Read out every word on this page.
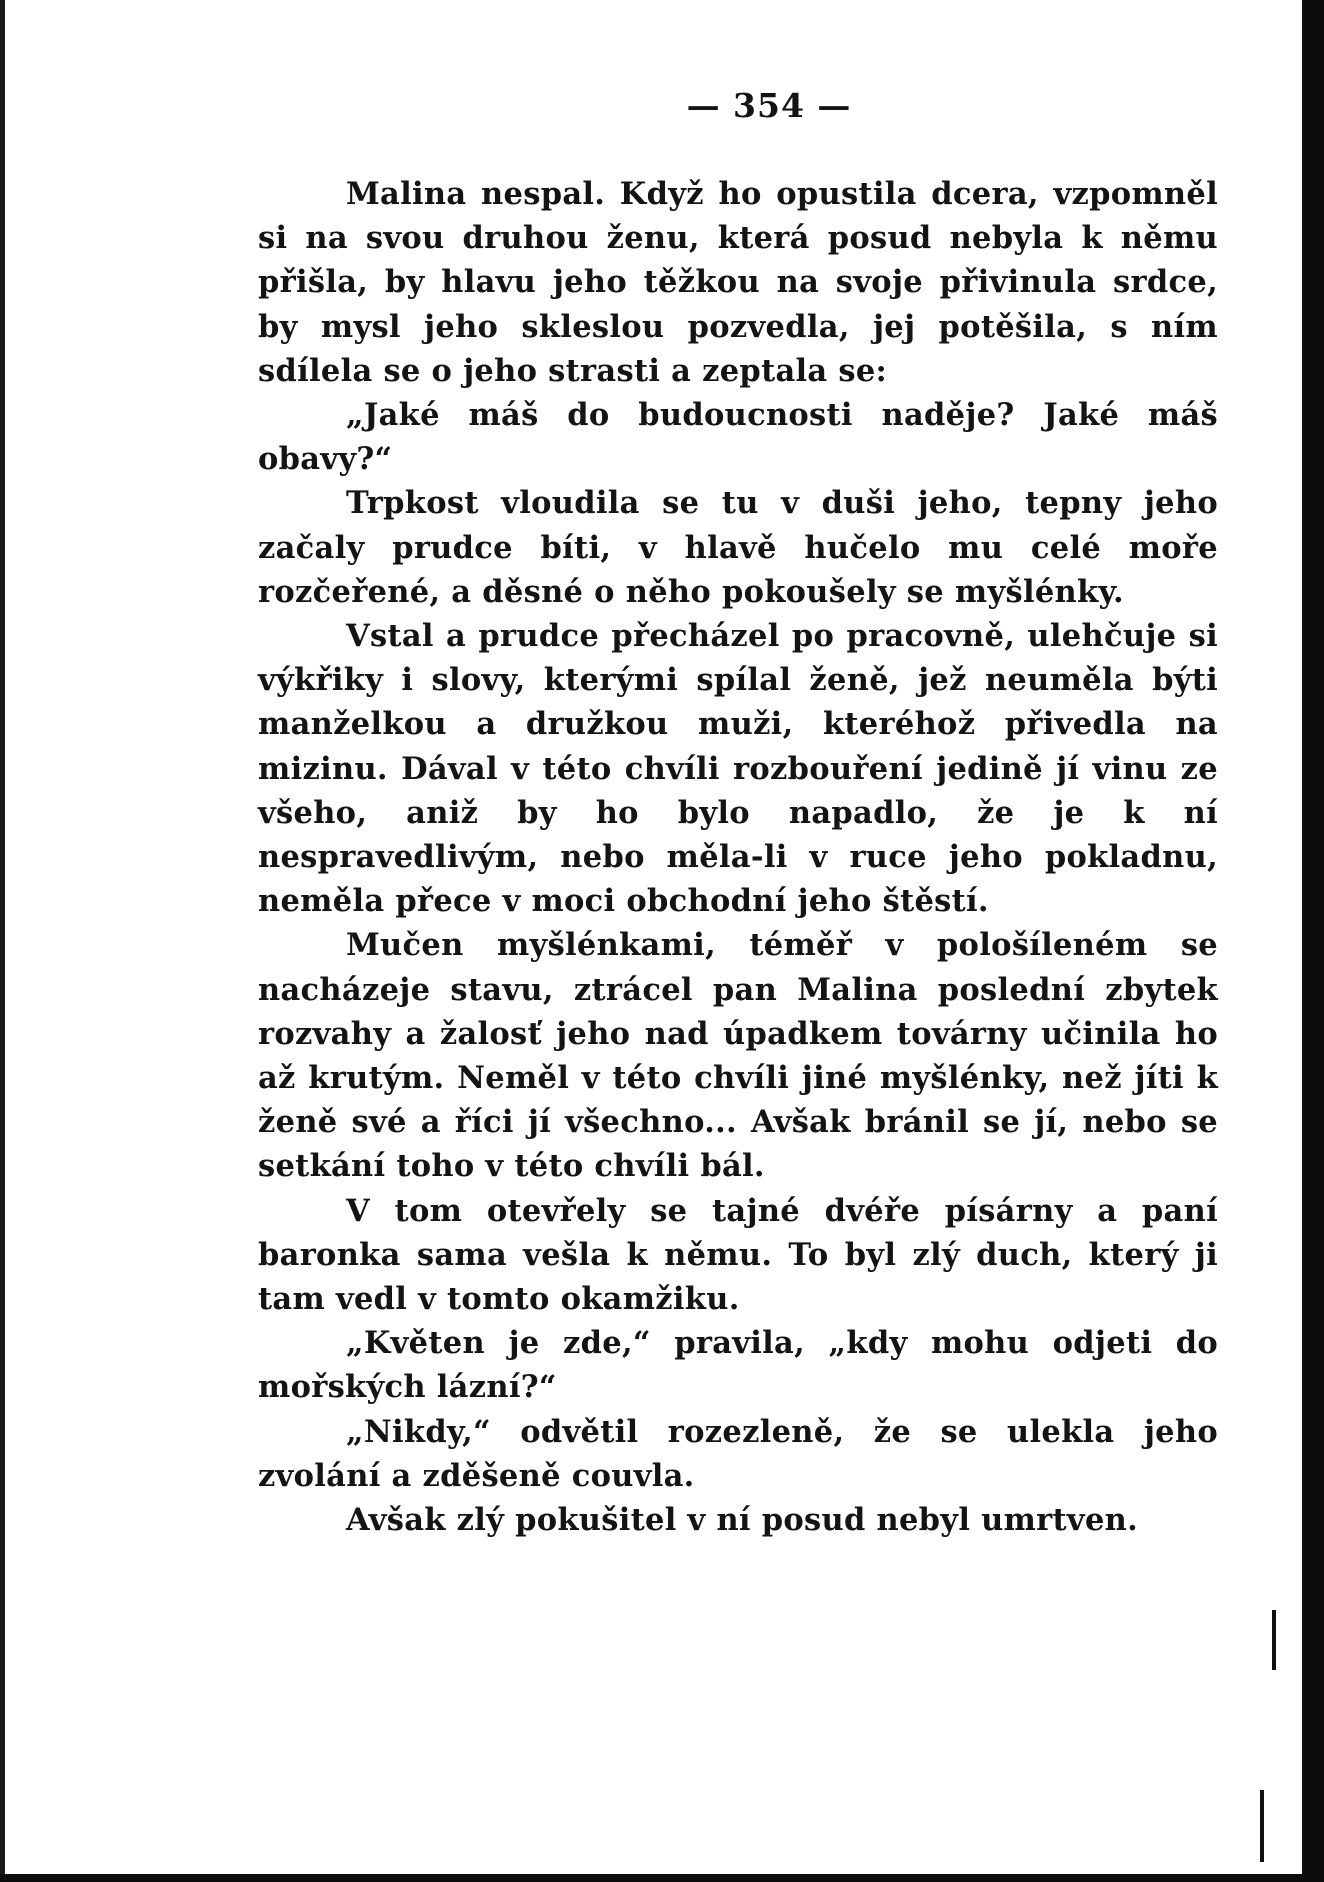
— 354 —

Malina nespal. Když ho opustila dcera, vzpomněl si na svou druhou ženu, která posud nebyla k němu přišla, by hlavu jeho těžkou na svoje přivinula srdce, by mysl jeho skleslou pozvedla, jej potěšila, s ním sdílela se o jeho strasti a zeptala se:

„Jaké máš do budoucnosti naděje? Jaké máš obavy?“

Trpkost vloudila se tu v duši jeho, tepny jeho začaly prudce bíti, v hlavě hučelo mu celé moře rozčeřené, a děsné o něho pokoušely se myšlénky.

Vstal a prudce přecházel po pracovně, ulehčuje si výkřiky i slovy, kterými spílal ženě, jež neuměla býti manželkou a družkou muži, kteréhož přivedla na mizinu. Dával v této chvíli rozbouření jedině jí vinu ze všeho, aniž by ho bylo napadlo, že je k ní nespravedlivým, nebo měla-li v ruce jeho pokladnu, neměla přece v moci obchodní jeho štěstí.

Mučen myšlénkami, téměř v pološíleném se nacházeje stavu, ztrácel pan Malina poslední zbytek rozvahy a žalosť jeho nad úpadkem továrny učinila ho až krutým. Neměl v této chvíli jiné myšlénky, než jíti k ženě své a říci jí všechno... Avšak bránil se jí, nebo se setkání toho v této chvíli bál.

V tom otevřely se tajné dvéře písárny a paní baronka sama vešla k němu. To byl zlý duch, který ji tam vedl v tomto okamžiku.

„Květen je zde,“ pravila, „kdy mohu odjeti do mořských lázní?“

„Nikdy,“ odvětil rozezleně, že se ulekla jeho zvolání a zděšeně couvla.

Avšak zlý pokušitel v ní posud nebyl umrtven.
